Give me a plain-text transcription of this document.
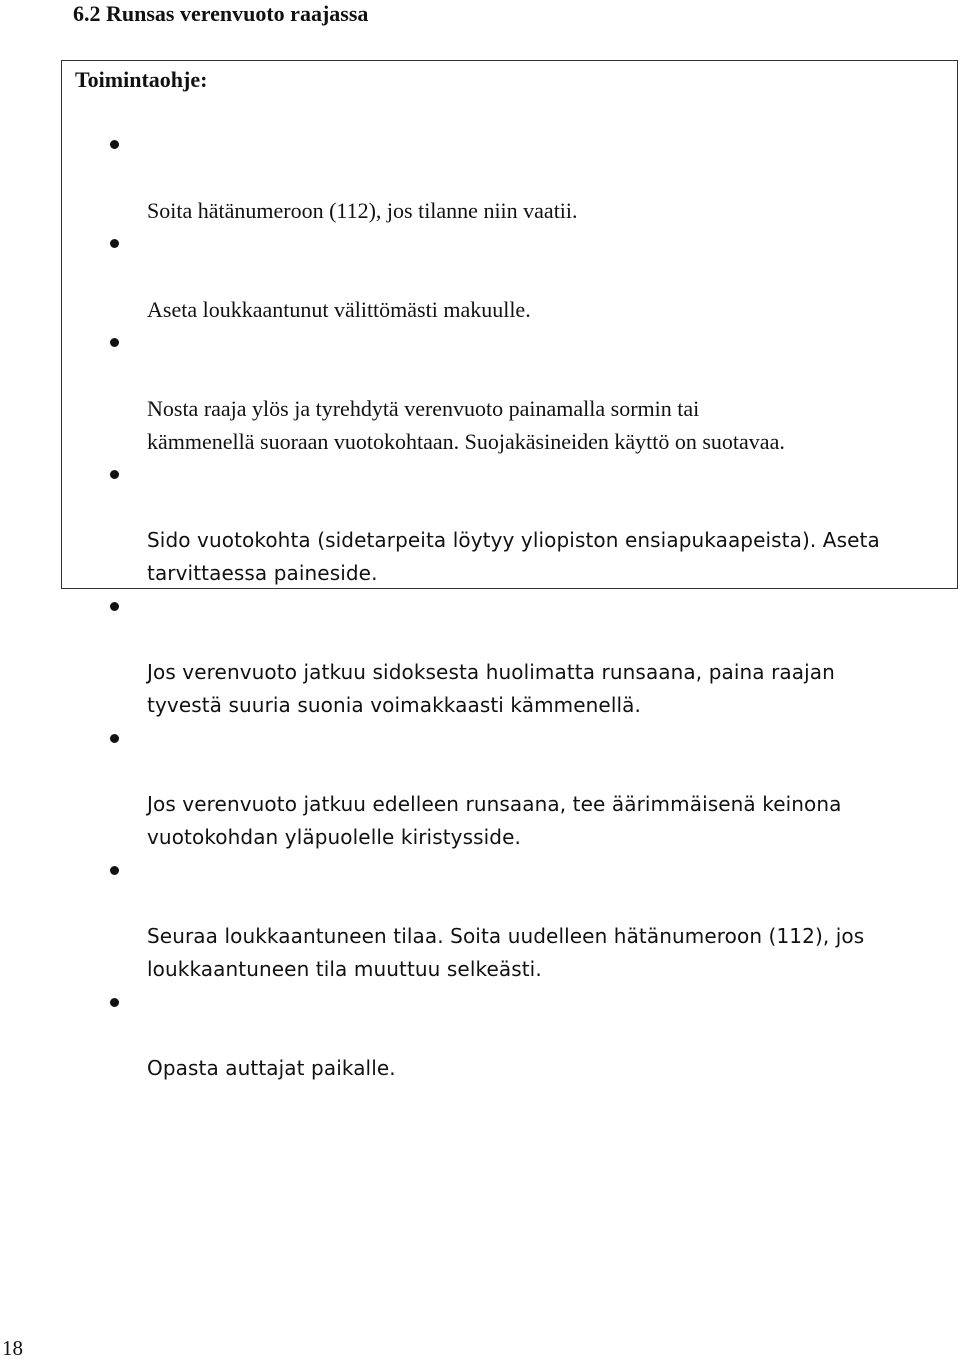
6.2 Runsas verenvuoto raajassa
Toimintaohje:

Soita hätänumeroon (112), jos tilanne niin vaatii.

Aseta loukkaantunut välittömästi makuulle.

Nosta raaja ylös ja tyrehdytä verenvuoto painamalla sormin tai
kämmenellä suoraan vuotokohtaan. Suojakäsineiden käyttö on suotavaa.

Sido vuotokohta (sidetarpeita löytyy yliopiston ensiapukaapeista). Aseta
tarvittaessa paineside.

Jos verenvuoto jatkuu sidoksesta huolimatta runsaana, paina raajan
tyvestä suuria suonia voimakkaasti kämmenellä.

Jos verenvuoto jatkuu edelleen runsaana, tee äärimmäisenä keinona
vuotokohdan yläpuolelle kiristysside.

Seuraa loukkaantuneen tilaa. Soita uudelleen hätänumeroon (112), jos
loukkaantuneen tila muuttuu selkeästi.

Opasta auttajat paikalle.

18
